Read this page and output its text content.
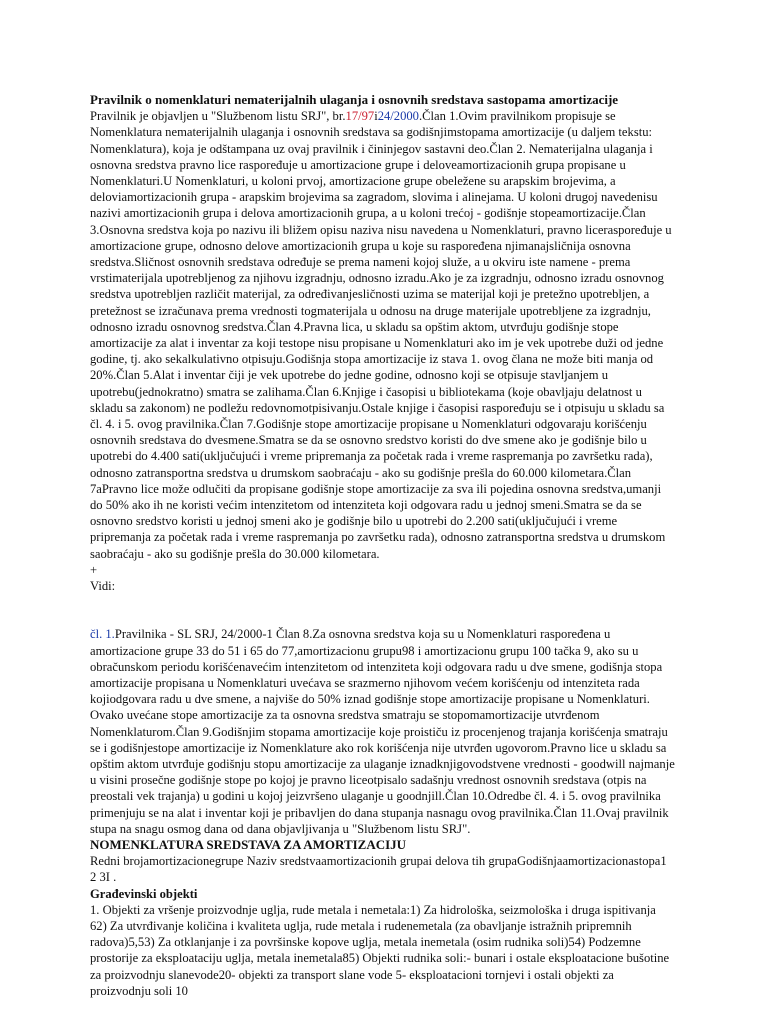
Pravilnik o nomenklaturi nematerijalnih ulaganja i osnovnih sredstava sastopama amortizacije

Pravilnik je objavljen u "Službenom listu SRJ", br.17/97i24/2000.Član 1.Ovim pravilnikom propisuje se Nomenklatura nematerijalnih ulaganja i osnovnih sredstava sa godišnjimstopama amortizacije (u daljem tekstu: Nomenklatura), koja je odštampana uz ovaj pravilnik i čininjegov sastavni deo.Član 2. Nematerijalna ulaganja i osnovna sredstva pravno lice raspoređuje u amortizacione grupe i deloveamortizacionih grupa propisane u Nomenklaturi.U Nomenklaturi, u koloni prvoj, amortizacione grupe obeležene su arapskim brojevima, a deloviamortizacionih grupa - arapskim brojevima sa zagradom, slovima i alinejama. U koloni drugoj navedenisu nazivi amortizacionih grupa i delova amortizacionih grupa, a u koloni trećoj - godišnje stopeamortizacije.Član 3.Osnovna sredstva koja po nazivu ili bližem opisu naziva nisu navedena u Nomenklaturi, pravno liceraspoređuje u amortizacione grupe, odnosno delove amortizacionih grupa u koje su raspoređena njimanajsličnija osnovna sredstva.Sličnost osnovnih sredstava određuje se prema nameni kojoj služe, a u okviru iste namene - prema vrstimaterijala upotrebljenog za njihovu izgradnju, odnosno izradu.Ako je za izgradnju, odnosno izradu osnovnog sredstva upotrebljen različit materijal, za određivanjesličnosti uzima se materijal koji je pretežno upotrebljen, a pretežnost se izračunava prema vrednosti togmaterijala u odnosu na druge materijale upotrebljene za izgradnju, odnosno izradu osnovnog sredstva.Član 4.Pravna lica, u skladu sa opštim aktom, utvrđuju godišnje stope amortizacije za alat i inventar za koji testope nisu propisane u Nomenklaturi ako im je vek upotrebe duži od jedne godine, tj. ako sekalkulativno otpisuju.Godišnja stopa amortizacije iz stava 1. ovog člana ne može biti manja od 20%.Član 5.Alat i inventar čiji je vek upotrebe do jedne godine, odnosno koji se otpisuje stavljanjem u upotrebu(jednokratno) smatra se zalihama.Član 6.Knjige i časopisi u bibliotekama (koje obavljaju delatnost u skladu sa zakonom) ne podležu redovnomotpisivanju.Ostale knjige i časopisi raspoređuju se i otpisuju u skladu sa čl. 4. i 5. ovog pravilnika.Član 7.Godišnje stope amortizacije propisane u Nomenklaturi odgovaraju korišćenju osnovnih sredstava do dvesmene.Smatra se da se osnovno sredstvo koristi do dve smene ako je godišnje bilo u upotrebi do 4.400 sati(uključujući i vreme pripremanja za početak rada i vreme raspremanja po završetku rada), odnosno zatransportna sredstva u drumskom saobraćaju - ako su godišnje prešla do 60.000 kilometara.Član 7aPravno lice može odlučiti da propisane godišnje stope amortizacije za sva ili pojedina osnovna sredstva,umanji do 50% ako ih ne koristi većim intenzitetom od intenziteta koji odgovara radu u jednoj smeni.Smatra se da se osnovno sredstvo koristi u jednoj smeni ako je godišnje bilo u upotrebi do 2.200 sati(uključujući i vreme pripremanja za početak rada i vreme raspremanja po završetku rada), odnosno zatransportna sredstva u drumskom saobraćaju - ako su godišnje prešla do 30.000 kilometara.

+

Vidi:

čl. 1.Pravilnika - SL SRJ, 24/2000-1 Član 8.Za osnovna sredstva koja su u Nomenklaturi raspoređena u amortizacione grupe 33 do 51 i 65 do 77,amortizacionu grupu98 i amortizacionu grupu 100 tačka 9, ako su u obračunskom periodu korišćenavećim intenzitetom od intenziteta koji odgovara radu u dve smene, godišnja stopa amortizacije propisana u Nomenklaturi uvećava se srazmerno njihovom većem korišćenju od intenziteta rada kojiodgovara radu u dve smene, a najviše do 50% iznad godišnje stope amortizacije propisane u Nomenklaturi. Ovako uvećane stope amortizacije za ta osnovna sredstva smatraju se stopomamortizacije utvrđenom Nomenklaturom.Član 9.Godišnjim stopama amortizacije koje proističu iz procenjenog trajanja korišćenja smatraju se i godišnjestope amortizacije iz Nomenklature ako rok korišćenja nije utvrđen ugovorom.Pravno lice u skladu sa opštim aktom utvrđuje godišnju stopu amortizacije za ulaganje iznadknjigovodstvene vrednosti - goodwill najmanje u visini prosečne godišnje stope po kojoj je pravno liceotpisalo sadašnju vrednost osnovnih sredstava (otpis na preostali vek trajanja) u godini u kojoj jeizvršeno ulaganje u goodnjill.Član 10.Odredbe čl. 4. i 5. ovog pravilnika primenjuju se na alat i inventar koji je pribavljen do dana stupanja nasnagu ovog pravilnika.Član 11.Ovaj pravilnik stupa na snagu osmog dana od dana objavljivanja u "Službenom listu SRJ".

NOMENKLATURA SREDSTAVA ZA AMORTIZACIJU

Redni brojamortizacionegrupe Naziv sredstvaamortizacionih grupai delova tih grupaGodišnjaamortizacionastopa1 2 3I .

Građevinski objekti

1. Objekti za vršenje proizvodnje uglja, rude metala i nemetala:1) Za hidrološka, seizmološka i druga ispitivanja 62) Za utvrđivanje količina i kvaliteta uglja, rude metala i rudenemetala (za obavljanje istražnih pripremnih radova)5,53) Za otklanjanje i za površinske kopove uglja, metala inemetala (osim rudnika soli)54) Podzemne prostorije za eksploataciju uglja, metala inemetala85) Objekti rudnika soli:- bunari i ostale eksploatacione bušotine za proizvodnju slanevode20- objekti za transport slane vode 5- eksploatacioni tornjevi i ostali objekti za proizvodnju soli 10
